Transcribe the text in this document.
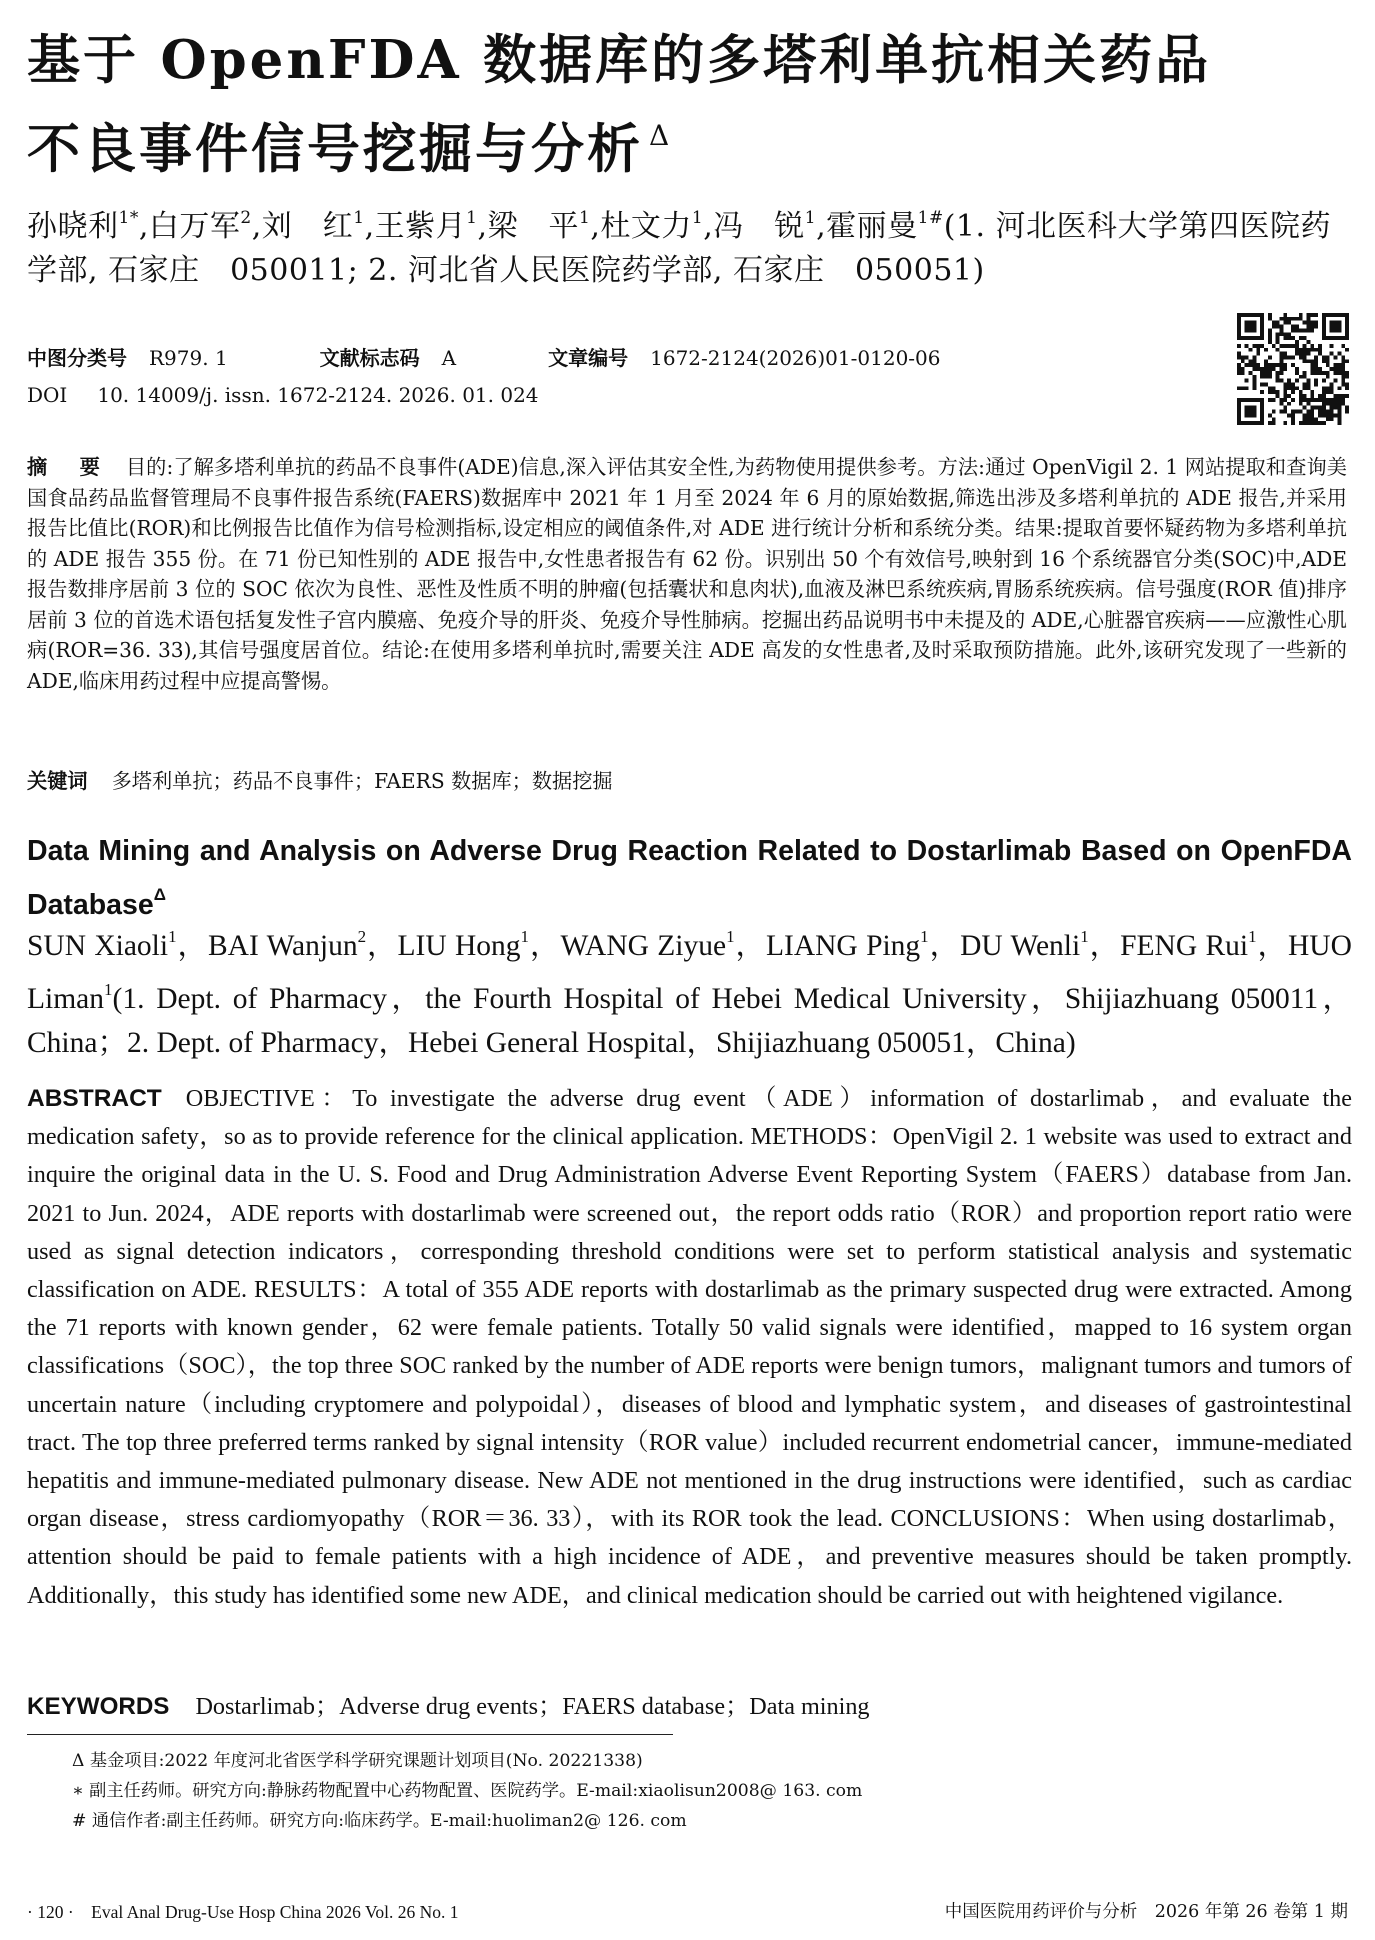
基于 OpenFDA 数据库的多塔利单抗相关药品
不良事件信号挖掘与分析 $^\Delta$
孙晓利$^{1*}$,白万军$^2$,刘　红$^1$,王紫月$^1$,梁　平$^1$,杜文力$^1$,冯　锐$^1$,霍丽曼$^{1\#}$(1. 河北医科大学第四医院药学部, 石家庄　050011; 2. 河北省人民医院药学部, 石家庄　050051)
中图分类号 R979. 1	文献标志码 A	文章编号 1672-2124(2026)01-0120-06
DOI 10. 14009/j. issn. 1672-2124. 2026. 01. 024
摘　要 目的:了解多塔利单抗的药品不良事件(ADE)信息,深入评估其安全性,为药物使用提供参考。方法:通过 OpenVigil 2. 1 网站提取和查询美国食品药品监督管理局不良事件报告系统(FAERS)数据库中 2021 年 1 月至 2024 年 6 月的原始数据,筛选出涉及多塔利单抗的 ADE 报告,并采用报告比值比(ROR)和比例报告比值作为信号检测指标,设定相应的阈值条件,对 ADE 进行统计分析和系统分类。结果:提取首要怀疑药物为多塔利单抗的 ADE 报告 355 份。在 71 份已知性别的 ADE 报告中,女性患者报告有 62 份。识别出 50 个有效信号,映射到 16 个系统器官分类(SOC)中,ADE 报告数排序居前 3 位的 SOC 依次为良性、恶性及性质不明的肿瘤(包括囊状和息肉状),血液及淋巴系统疾病,胃肠系统疾病。信号强度(ROR 值)排序居前 3 位的首选术语包括复发性子宫内膜癌、免疫介导的肝炎、免疫介导性肺病。挖掘出药品说明书中未提及的 ADE,心脏器官疾病——应激性心肌病(ROR=36. 33),其信号强度居首位。结论:在使用多塔利单抗时,需要关注 ADE 高发的女性患者,及时采取预防措施。此外,该研究发现了一些新的 ADE,临床用药过程中应提高警惕。
关键词 多塔利单抗 ； 药品不良事件 ； FAERS 数据库 ； 数据挖掘
Data Mining and Analysis on Adverse Drug Reaction Related to Dostarlimab Based on OpenFDA Database$^\Delta$
SUN Xiaoli$^1$，BAI Wanjun$^2$，LIU Hong$^1$，WANG Ziyue$^1$，LIANG Ping$^1$，DU Wenli$^1$，FENG Rui$^1$，HUO Liman$^1$(1. Dept. of Pharmacy，the Fourth Hospital of Hebei Medical University，Shijiazhuang 050011，China；2. Dept. of Pharmacy，Hebei General Hospital，Shijiazhuang 050051，China)
ABSTRACT OBJECTIVE：To investigate the adverse drug event（ADE）information of dostarlimab，and evaluate the medication safety，so as to provide reference for the clinical application. METHODS：OpenVigil 2. 1 website was used to extract and inquire the original data in the U. S. Food and Drug Administration Adverse Event Reporting System（FAERS）database from Jan. 2021 to Jun. 2024，ADE reports with dostarlimab were screened out，the report odds ratio（ROR）and proportion report ratio were used as signal detection indicators，corresponding threshold conditions were set to perform statistical analysis and systematic classification on ADE. RESULTS：A total of 355 ADE reports with dostarlimab as the primary suspected drug were extracted. Among the 71 reports with known gender，62 were female patients. Totally 50 valid signals were identified，mapped to 16 system organ classifications（SOC），the top three SOC ranked by the number of ADE reports were benign tumors，malignant tumors and tumors of uncertain nature（including cryptomere and polypoidal），diseases of blood and lymphatic system，and diseases of gastrointestinal tract. The top three preferred terms ranked by signal intensity（ROR value）included recurrent endometrial cancer，immune-mediated hepatitis and immune-mediated pulmonary disease. New ADE not mentioned in the drug instructions were identified，such as cardiac organ disease，stress cardiomyopathy（ROR＝36. 33），with its ROR took the lead. CONCLUSIONS：When using dostarlimab，attention should be paid to female patients with a high incidence of ADE，and preventive measures should be taken promptly. Additionally，this study has identified some new ADE，and clinical medication should be carried out with heightened vigilance.
KEYWORDS Dostarlimab ； Adverse drug events ； FAERS database ； Data mining
Δ 基金项目:2022 年度河北省医学科学研究课题计划项目(No. 20221338)
∗ 副主任药师。研究方向:静脉药物配置中心药物配置、医院药学。E-mail:xiaolisun2008@ 163. com
# 通信作者:副主任药师。研究方向:临床药学。E-mail:huoliman2@ 126. com
· 120 ·　Eval Anal Drug-Use Hosp China 2026 Vol. 26 No. 1	中国医院用药评价与分析　2026 年第 26 卷第 1 期
